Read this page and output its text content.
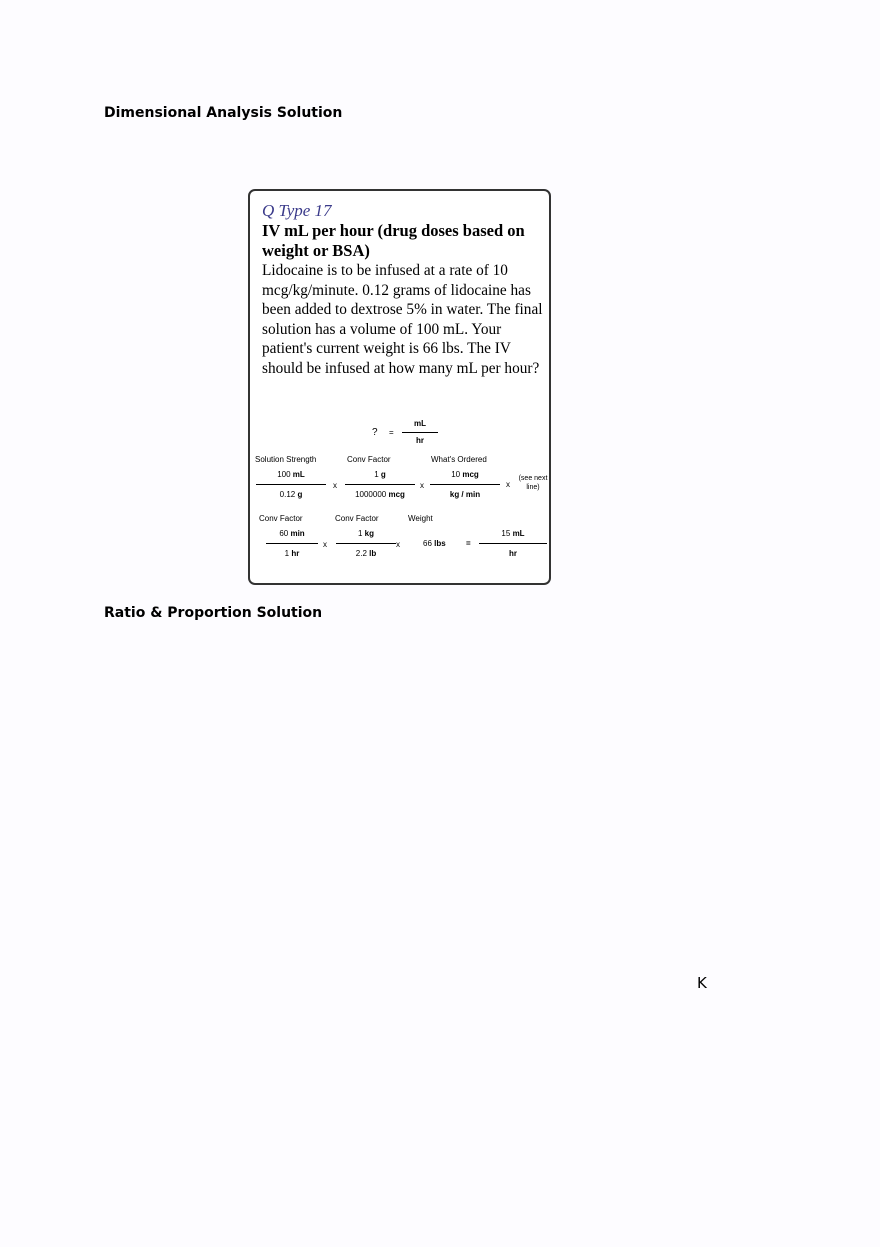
Dimensional Analysis Solution
Q Type 17
IV mL per hour (drug doses based on weight or BSA)
Lidocaine is to be infused at a rate of 10 mcg/kg/minute. 0.12 grams of lidocaine has been added to dextrose 5% in water. The final solution has a volume of 100 mL. Your patient's current weight is 66 lbs. The IV should be infused at how many mL per hour?
? =
mL
hr
Solution Strength	Conv Factor	What's Ordered
100 mL
0.12 g
x
1 g
1000000 mcg
x
10 mcg
kg / min
x
(see next line)
Conv Factor	Conv Factor	Weight
60 min
1 hr
x
1 kg
2.2 lb
x	66 lbs	=
15 mL
hr
Ratio & Proportion Solution
K
